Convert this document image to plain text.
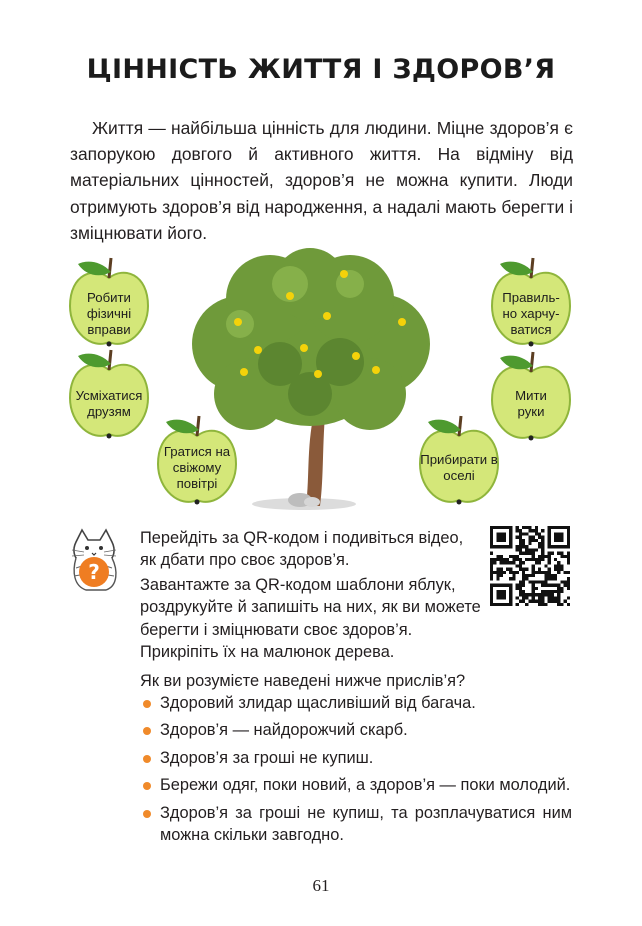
ЦІННІСТЬ ЖИТТЯ І ЗДОРОВ’Я

Життя — найбільша цінність для людини. Міцне здоров’я є запорукою довгого й активного життя. На відміну від матеріальних цінностей, здоров’я не можна купити. Люди отримують здоров’я від народження, а надалі мають берегти і зміцнювати його.

Робити фізичні вправи
Усміхатися друзям
Гратися на свіжому повітрі
Правиль-но харчу-ватися
Мити руки
Прибирати в оселі
?
Перейдіть за QR-кодом і подивіться відео, як дбати про своє здоров’я.
Завантажте за QR-кодом шаблони яблук, роздрукуйте й запишіть на них, як ви можете берегти і зміцнювати своє здоров’я. Прикріпіть їх на малюнок дерева.
Як ви розумієте наведені нижче прислів’я?
Здоровий злидар щасливіший від багача.
Здоров’я — найдорожчий скарб.
Здоров’я за гроші не купиш.
Бережи одяг, поки новий, а здоров’я — поки молодий.
Здоров’я за гроші не купиш, та розплачуватися ним можна скільки завгодно.
61
